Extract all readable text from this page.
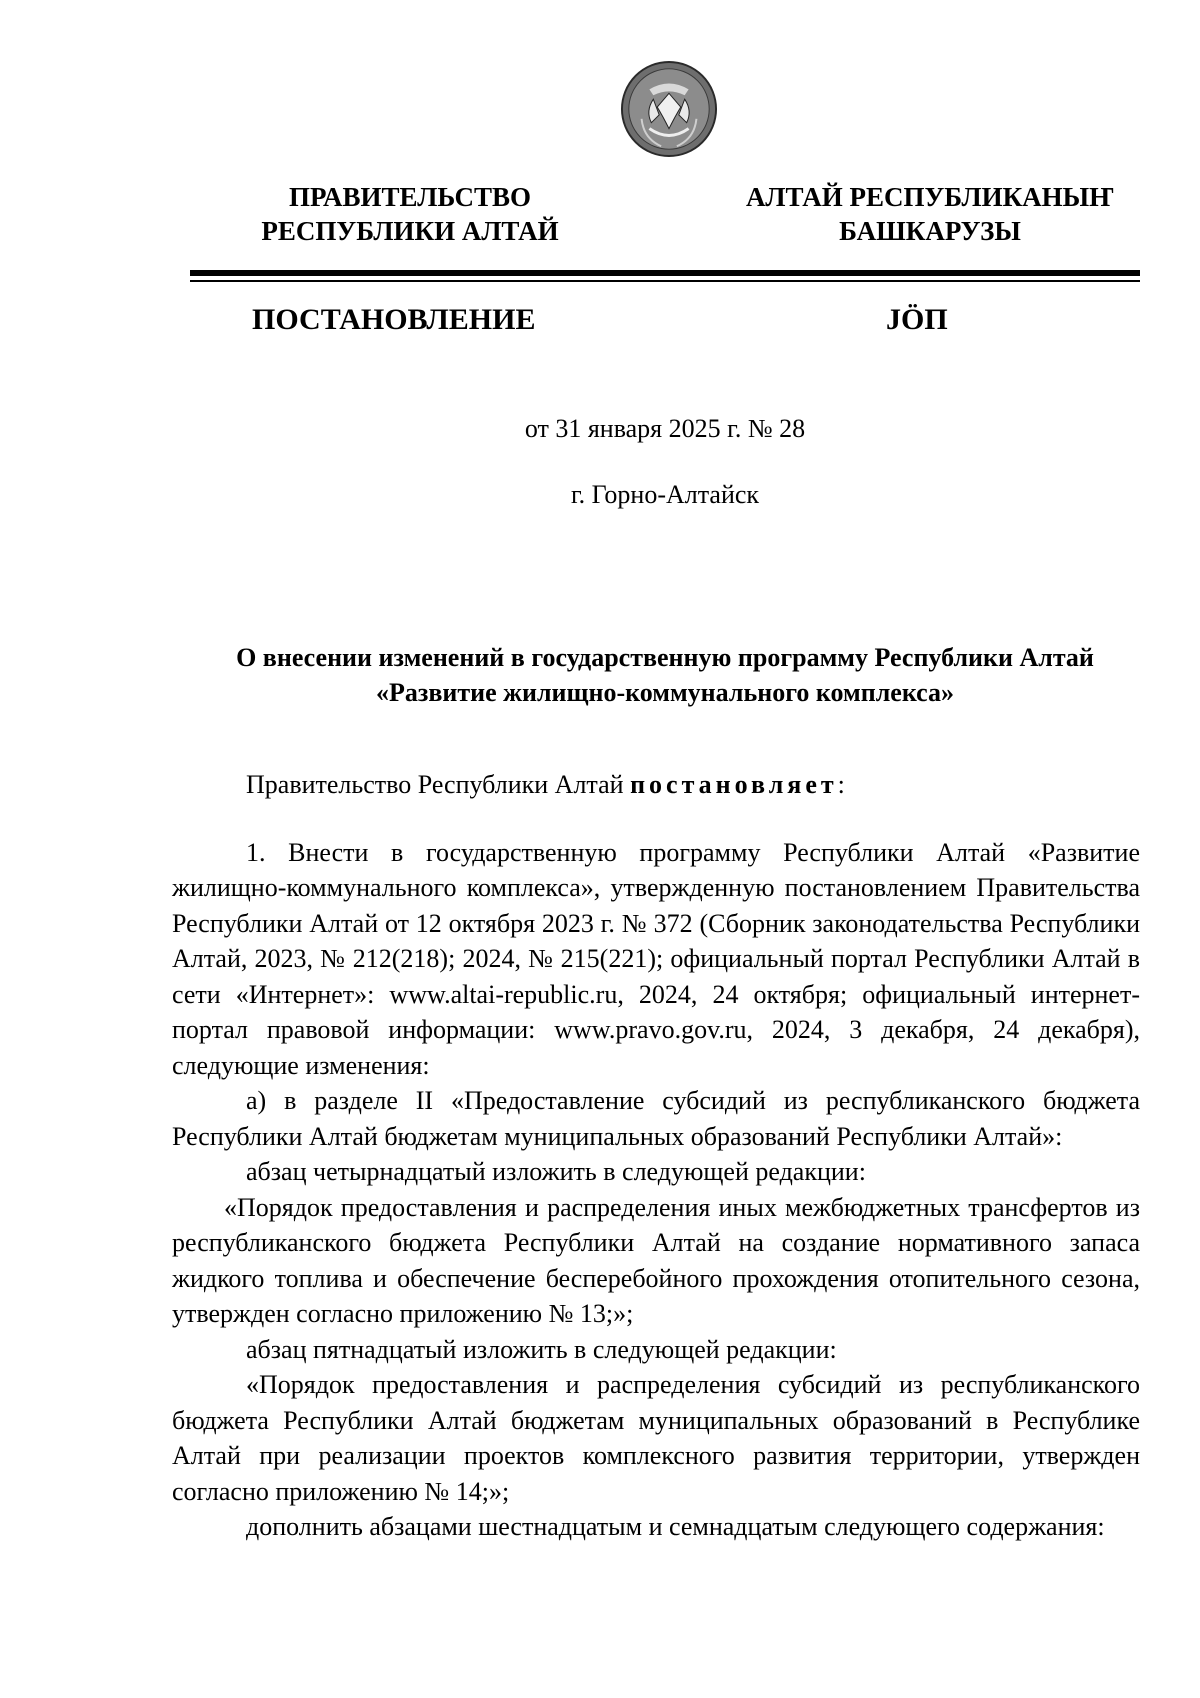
ПРАВИТЕЛЬСТВО
РЕСПУБЛИКИ АЛТАЙ
АЛТАЙ РЕСПУБЛИКАНЫҤ
БАШКАРУЗЫ
ПОСТАНОВЛЕНИЕ	JÖП
от 31 января 2025 г. № 28
г. Горно-Алтайск
О внесении изменений в государственную программу Республики Алтай
«Развитие жилищно-коммунального комплекса»

Правительство Республики Алтай постановляет:

1. Внести в государственную программу Республики Алтай «Развитие жилищно-коммунального комплекса», утвержденную постановлением Правительства Республики Алтай от 12 октября 2023 г. № 372 (Сборник законодательства Республики Алтай, 2023, № 212(218); 2024, № 215(221); официальный портал Республики Алтай в сети «Интернет»: www.altai-republic.ru, 2024, 24 октября; официальный интернет-портал правовой информации: www.pravo.gov.ru, 2024, 3 декабря, 24 декабря), следующие изменения:

а) в разделе II «Предоставление субсидий из республиканского бюджета Республики Алтай бюджетам муниципальных образований Республики Алтай»:

абзац четырнадцатый изложить в следующей редакции:

«Порядок предоставления и распределения иных межбюджетных трансфертов из республиканского бюджета Республики Алтай на создание нормативного запаса жидкого топлива и обеспечение бесперебойного прохождения отопительного сезона, утвержден согласно приложению № 13;»;

абзац пятнадцатый изложить в следующей редакции:

«Порядок предоставления и распределения субсидий из республиканского бюджета Республики Алтай бюджетам муниципальных образований в Республике Алтай при реализации проектов комплексного развития территории, утвержден согласно приложению № 14;»;

дополнить абзацами шестнадцатым и семнадцатым следующего содержания:
